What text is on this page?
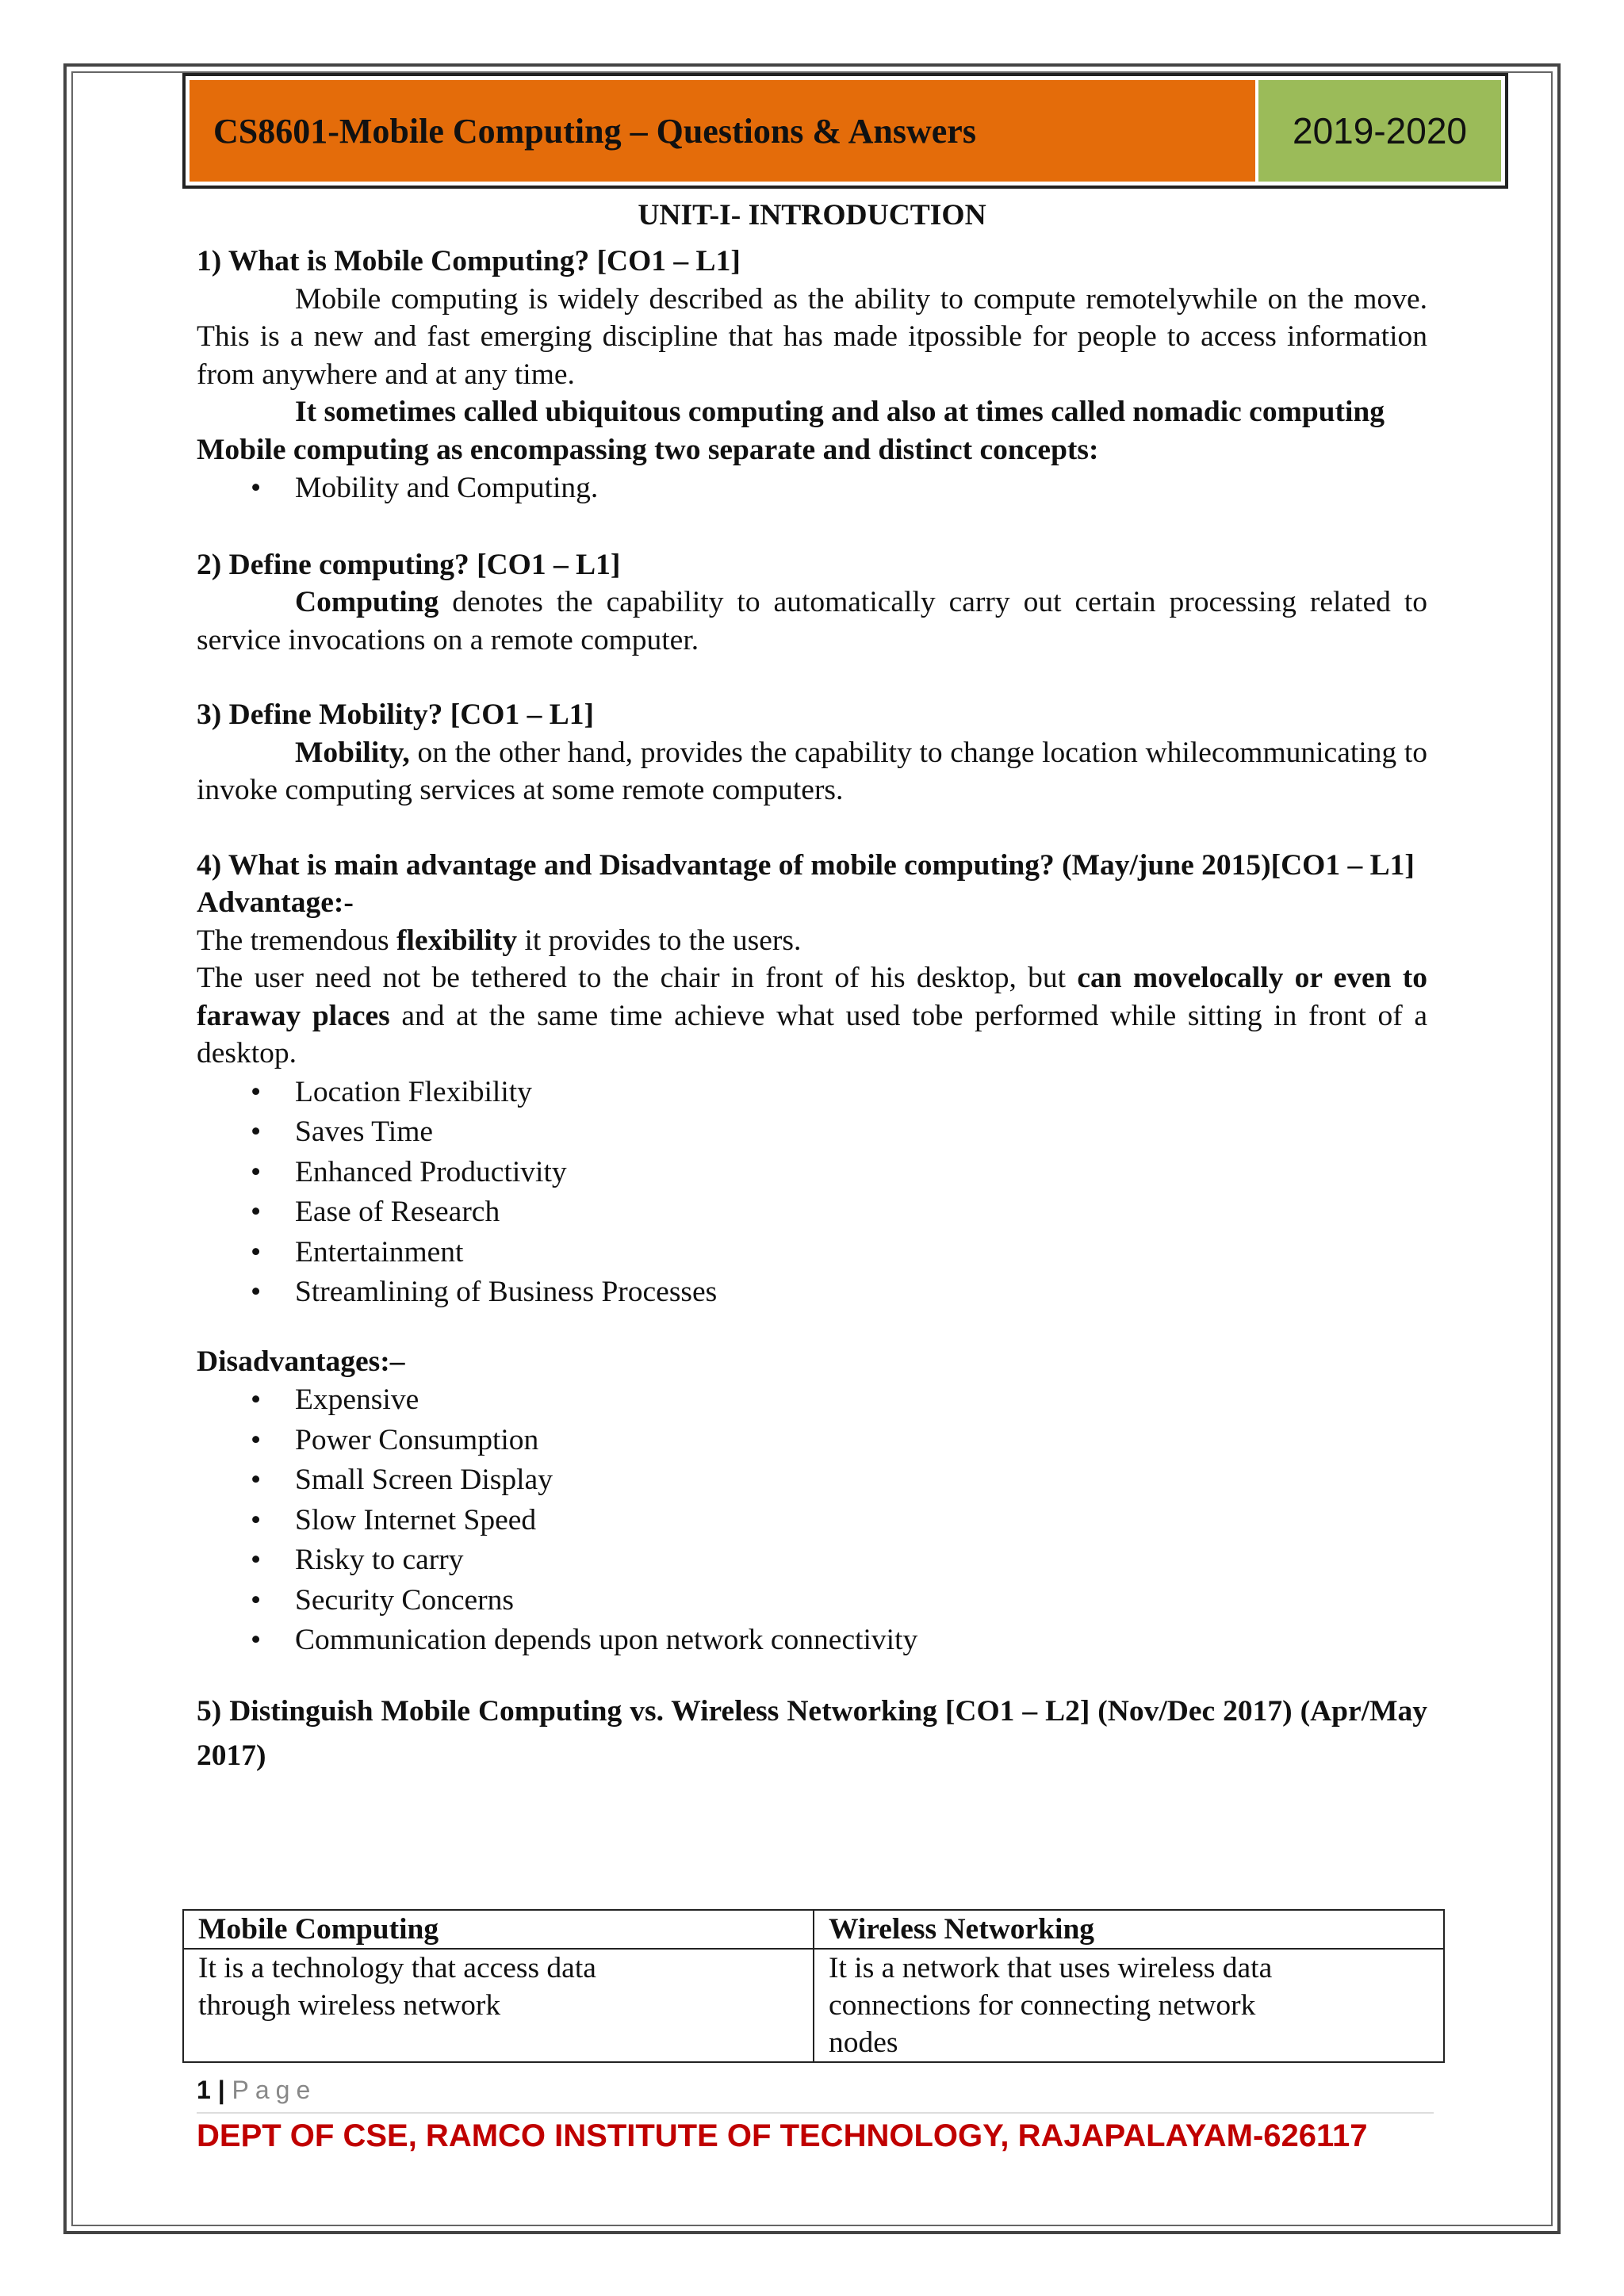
CS8601-Mobile Computing – Questions & Answers	2019-2020

UNIT-I- INTRODUCTION

1) What is Mobile Computing? [CO1 – L1]

Mobile computing is widely described as the ability to compute remotelywhile on the move. This is a new and fast emerging discipline that has made itpossible for people to access information from anywhere and at any time.

It sometimes called ubiquitous computing and also at times called nomadic computing

Mobile computing as encompassing two separate and distinct concepts:

• Mobility and Computing.

2) Define computing? [CO1 – L1]

Computing denotes the capability to automatically carry out certain processing related to service invocations on a remote computer.

3) Define Mobility? [CO1 – L1]

Mobility, on the other hand, provides the capability to change location whilecommunicating to invoke computing services at some remote computers.

4) What is main advantage and Disadvantage of mobile computing? (May/june 2015)[CO1 – L1]

Advantage:-

The tremendous flexibility it provides to the users.

The user need not be tethered to the chair in front of his desktop, but can movelocally or even to faraway places and at the same time achieve what used tobe performed while sitting in front of a desktop.

• Location Flexibility
• Saves Time
• Enhanced Productivity
• Ease of Research
• Entertainment
• Streamlining of Business Processes

Disadvantages:–

• Expensive
• Power Consumption
• Small Screen Display
• Slow Internet Speed
• Risky to carry
• Security Concerns
• Communication depends upon network connectivity

5) Distinguish Mobile Computing vs. Wireless Networking [CO1 – L2] (Nov/Dec 2017) (Apr/May 2017)

Mobile Computing	Wireless Networking
It is a technology that access data through wireless network	It is a network that uses wireless data connections for connecting network nodes
1 | Page
DEPT OF CSE, RAMCO INSTITUTE OF TECHNOLOGY, RAJAPALAYAM-626117
